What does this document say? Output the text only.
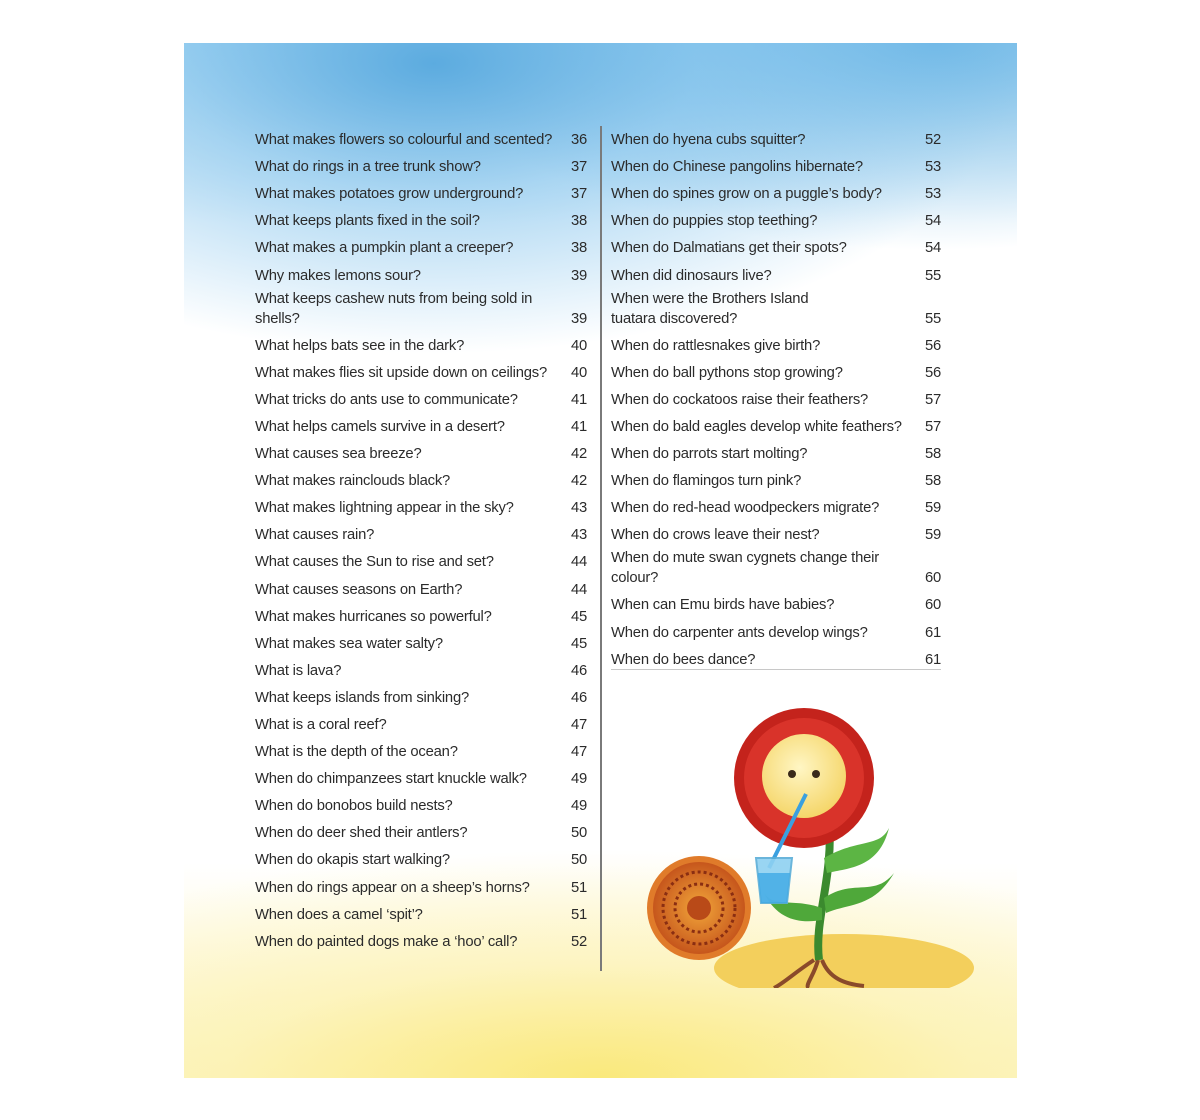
What makes flowers so colourful and scented? 36
What do rings in a tree trunk show?	37
What makes potatoes grow underground?	37
What keeps plants fixed in the soil?	38
What makes a pumpkin plant a creeper?	38
Why makes lemons sour?	39
What keeps cashew nuts from being sold in shells?	39
What helps bats see in the dark?	40
What makes flies sit upside down on ceilings? 40
What tricks do ants use to communicate?	41
What helps camels survive in a desert?	41
What causes sea breeze?	42
What makes rainclouds black?	42
What makes lightning appear in the sky?	43
What causes rain?	43
What causes the Sun to rise and set?	44
What causes seasons on Earth?	44
What makes hurricanes so powerful?	45
What makes sea water salty?	45
What is lava?	46
What keeps islands from sinking?	46
What is a coral reef?	47
What is the depth of the ocean?	47
When do chimpanzees start knuckle walk?	49
When do bonobos build nests?	49
When do deer shed their antlers?	50
When do okapis start walking?	50
When do rings appear on a sheep’s horns?	51
When does a camel ‘spit’?	51
When do painted dogs make a ‘hoo’ call?	52
When do hyena cubs squitter?	52
When do Chinese pangolins hibernate?	53
When do spines grow on a puggle’s body?	53
When do puppies stop teething?	54
When do Dalmatians get their spots?	54
When did dinosaurs live?	55
When were the Brothers Island
tuatara discovered?	55
When do rattlesnakes give birth?	56
When do ball pythons stop growing?	56
When do cockatoos raise their feathers?	57
When do bald eagles develop white feathers? 57
When do parrots start molting?	58
When do flamingos turn pink?	58
When do red-head woodpeckers migrate?	59
When do crows leave their nest?	59
When do mute swan cygnets change their colour?	60
When can Emu birds have babies?	60
When do carpenter ants develop wings?	61
When do bees dance?	61
